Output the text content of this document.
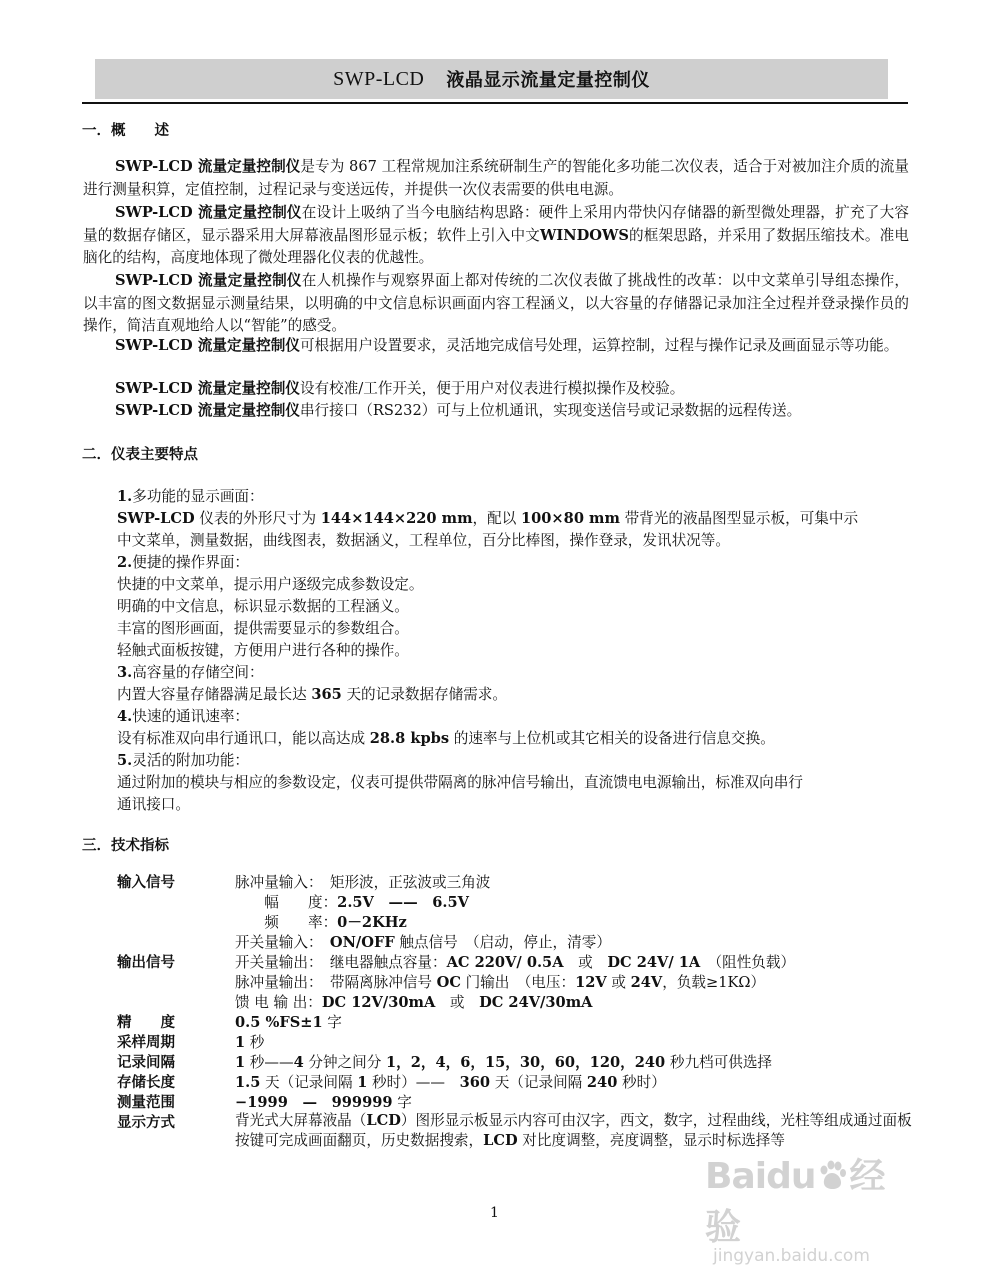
SWP-LCD 液晶显示流量定量控制仪
一．概　　述

SWP-LCD 流量定量控制仪是专为 867 工程常规加注系统研制生产的智能化多功能二次仪表，适合于对被加注介质的流量进行测量积算，定值控制，过程记录与变送远传，并提供一次仪表需要的供电电源。

SWP-LCD 流量定量控制仪在设计上吸纳了当今电脑结构思路：硬件上采用内带快闪存储器的新型微处理器，扩充了大容量的数据存储区，显示器采用大屏幕液晶图形显示板；软件上引入中文WINDOWS的框架思路，并采用了数据压缩技术。准电脑化的结构，高度地体现了微处理器化仪表的优越性。

SWP-LCD 流量定量控制仪在人机操作与观察界面上都对传统的二次仪表做了挑战性的改革：以中文菜单引导组态操作，以丰富的图文数据显示测量结果，以明确的中文信息标识画面内容工程涵义，以大容量的存储器记录加注全过程并登录操作员的操作，简洁直观地给人以“智能”的感受。

SWP-LCD 流量定量控制仪可根据用户设置要求，灵活地完成信号处理，运算控制，过程与操作记录及画面显示等功能。

SWP-LCD 流量定量控制仪设有校准/工作开关，便于用户对仪表进行模拟操作及校验。

SWP-LCD 流量定量控制仪串行接口（RS232）可与上位机通讯，实现变送信号或记录数据的远程传送。

二．仪表主要特点
1.多功能的显示画面：
SWP-LCD 仪表的外形尺寸为 144×144×220 mm，配以 100×80 mm 带背光的液晶图型显示板，可集中示
中文菜单，测量数据，曲线图表，数据涵义，工程单位，百分比棒图，操作登录，发讯状况等。
2.便捷的操作界面：
快捷的中文菜单，提示用户逐级完成参数设定。
明确的中文信息，标识显示数据的工程涵义。
丰富的图形画面，提供需要显示的参数组合。
轻触式面板按键，方便用户进行各种的操作。
3.高容量的存储空间：
内置大容量存储器满足最长达 365 天的记录数据存储需求。
4.快速的通讯速率：
设有标准双向串行通讯口，能以高达成 28.8 kpbs 的速率与上位机或其它相关的设备进行信息交换。
5.灵活的附加功能：
通过附加的模块与相应的参数设定，仪表可提供带隔离的脉冲信号输出，直流馈电电源输出，标准双向串行
通讯接口。
三．技术指标
输入信号	脉冲量输入：　矩形波，正弦波或三角波
　　幅　　度：2.5V　——　6.5V
　　频　　率：0－2KHz
开关量输入：　ON/OFF 触点信号　（启动，停止，清零）
输出信号	开关量输出：　继电器触点容量：AC 220V/ 0.5A　或　DC 24V/ 1A　（阻性负载）
脉冲量输出：　带隔离脉冲信号 OC 门输出　（电压：12V 或 24V，负载≥1KΩ）
馈 电 输 出：DC 12V/30mA　或　DC 24V/30mA
精　　度	0.5 %FS±1 字
采样周期	1 秒
记录间隔	1 秒——4 分钟之间分 1，2，4，6，15，30，60，120，240 秒九档可供选择
存储长度	1.5 天（记录间隔 1 秒时）——　360 天（记录间隔 240 秒时）
测量范围	−1999　—　999999 字
显示方式	背光式大屏幕液晶（LCD）图形显示板显示内容可由汉字，西文，数字，过程曲线，光柱等组成通过面板按键可完成画面翻页，历史数据搜索，LCD 对比度调整，亮度调整，显示时标选择等
1
Baidu 经验
jingyan.baidu.com
